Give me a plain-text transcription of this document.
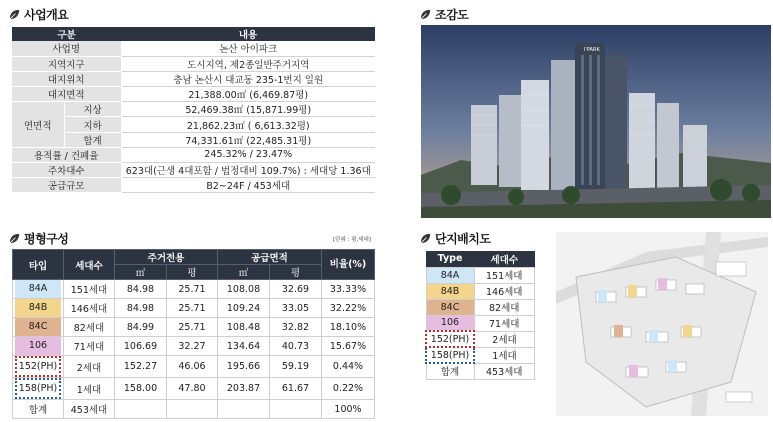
사업개요	조감도
평형구성	단지배치도
구분		내용
사업명		논산 아이파크
지역지구		도시지역, 제2종일반주거지역
대지위치		충남 논산시 대교동 235-1번지 일원
대지면적		21,388.00㎡ (6,469.87평)
연면적	지상	52,469.38㎡ (15,871.99평)
	지하	21,862.23㎡ ( 6,613.32평)
	합계	74,331.61㎡ (22,485.31평)
용적률 / 건폐율		245.32% / 23.47%
주차대수		623대(근생 4대포함 / 법정대비 109.7%) : 세대당 1.36대
공급규모		B2~24F / 453세대
I'PARK
[단위 : 평,세대]
타입	세대수	주거전용		공급면적		비율(%)
		㎡	평	㎡	평	

84A	151세대	84.98	25.71	108.08	32.69	33.33%

84B	146세대	84.98	25.71	109.24	33.05	32.22%

84C	82세대	84.99	25.71	108.48	32.82	18.10%

106	71세대	106.69	32.27	134.64	40.73	15.67%

152(PH)	2세대	152.27	46.06	195.66	59.19	0.44%

158(PH)	1세대	158.00	47.80	203.87	61.67	0.22%
합계	453세대					100%
Type	세대수
84A	151세대
84B	146세대
84C	82세대
106	71세대
152(PH)	2세대
158(PH)	1세대
합계	453세대
